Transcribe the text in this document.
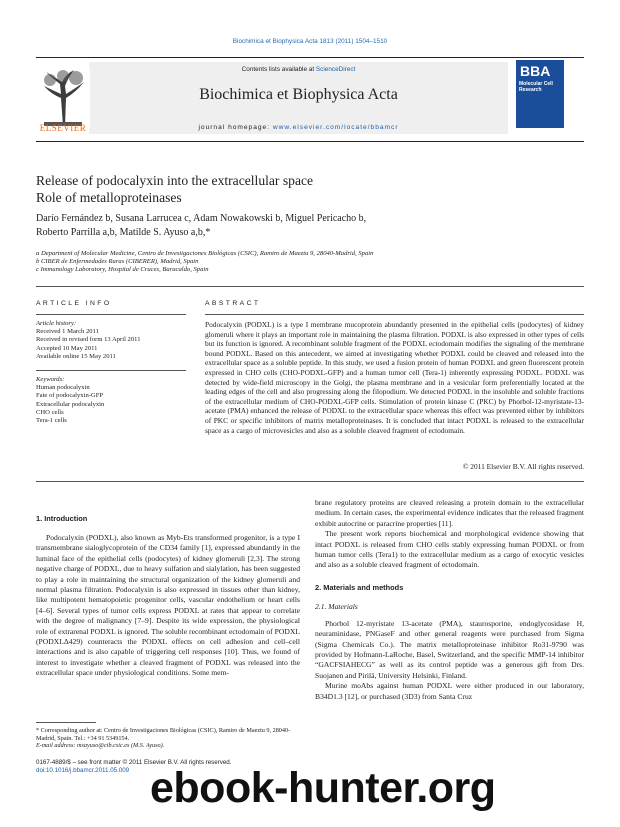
Biochimica et Biophysica Acta 1813 (2011) 1504–1510
Contents lists available at ScienceDirect
Biochimica et Biophysica Acta
journal homepage: www.elsevier.com/locate/bbamcr
ELSEVIER
BBA
Molecular Cell Research
Release of podocalyxin into the extracellular space
Role of metalloproteinases
Darío Fernández b, Susana Larrucea c, Adam Nowakowski b, Miguel Pericacho b,
Roberto Parrilla a,b, Matilde S. Ayuso a,b,*
a Department of Molecular Medicine, Centro de Investigaciones Biológicas (CSIC), Ramiro de Maeztu 9, 28040-Madrid, Spain
b CIBER de Enfermedades Raras (CIBERER), Madrid, Spain
c Immunology Laboratory, Hospital de Cruces, Baracaldo, Spain
ARTICLE INFO
Article history:
Received 1 March 2011
Received in revised form 13 April 2011
Accepted 10 May 2011
Available online 15 May 2011
Keywords:
Human podocalyxin
Fate of podocalyxin-GFP
Extracellular podocalyxin
CHO cells
Tera-1 cells
ABSTRACT
Podocalyxin (PODXL) is a type I membrane mucoprotein abundantly presented in the epithelial cells (podocytes) of kidney glomeruli where it plays an important role in maintaining the plasma filtration. PODXL is also expressed in other types of cells but its function is ignored. A recombinant soluble fragment of the PODXL ectodomain modifies the signaling of the membrane bound PODXL. Based on this antecedent, we aimed at investigating whether PODXL could be cleaved and released into the extracellular space as a soluble peptide. In this study, we used a fusion protein of human PODXL and green fluorescent protein expressed in CHO cells (CHO-PODXL-GFP) and a human tumor cell (Tera-1) inherently expressing PODXL. PODXL was detected by wide-field microscopy in the Golgi, the plasma membrane and in a vesicular form preferentially located at the leading edges of the cell and also progressing along the filopodium. We detected PODXL in the insoluble and soluble fractions of the extracellular medium of CHO-PODXL-GFP cells. Stimulation of protein kinase C (PKC) by Phorbol-12-myristate-13-acetate (PMA) enhanced the release of PODXL to the extracellular space whereas this effect was prevented either by inhibitors of PKC or specific inhibitors of matrix metalloproteinases. It is concluded that intact PODXL is released to the extracellular space as a cargo of microvesicles and also as a soluble cleaved fragment of ectodomain.
© 2011 Elsevier B.V. All rights reserved.
1. Introduction

Podocalyxin (PODXL), also known as Myb-Ets transformed progenitor, is a type I transmembrane sialoglycoprotein of the CD34 family [1], expressed abundantly in the luminal face of the epithelial cells (podocytes) of kidney glomeruli [2,3]. The strong negative charge of PODXL, due to heavy sulfation and sialylation, has been suggested to play a role in maintaining the structural organization of the kidney glomeruli and normal plasma filtration. Podocalyxin is also expressed in tissues other than kidney, like multipotent hematopoietic progenitor cells, vascular endothelium or heart cells [4–6]. Several types of tumor cells express PODXL at rates that appear to correlate with the degree of malignancy [7–9]. Despite its wide expression, the physiological role of extrarenal PODXL is ignored. The soluble recombinant ectodomain of PODXL (PODXLΔ429) counteracts the PODXL effects on cell adhesion and cell–cell interactions and is also capable of triggering cell responses [10]. Thus, we found of interest to investigate whether a cleaved fragment of PODXL was released into the extracellular space under physiological conditions. Some mem-

brane regulatory proteins are cleaved releasing a protein domain to the extracellular medium. In certain cases, the experimental evidence indicates that the released fragment exhibit autocrine or paracrine properties [11].

The present work reports biochemical and morphological evidence showing that intact PODXL is released from CHO cells stably expressing human PODXL or from human tumor cells (Tera1) to the extracellular medium as a cargo of exocytic vesicles and also as a soluble cleaved fragment of ectodomain.

2. Materials and methods
2.1. Materials

Phorbol 12-myristate 13-acetate (PMA), staurosporine, endoglycosidase H, neuraminidase, PNGaseF and other general reagents were purchased from Sigma (Sigma Chemicals Co.). The matrix metalloproteinase inhibitor Ro31-9790 was provided by Hofmann-LaRoche, Basel, Switzerland, and the specific MMP-14 inhibitor “GACFSIAHECG” as well as its control peptide was a generous gift from Drs. Suojanen and Pirilä, University Helsinki, Finland.

Murine moAbs against human PODXL were either produced in our laboratory, B34D1.3 [12], or purchased (3D3) from Santa Cruz

* Corresponding author at: Centro de Investigaciones Biológicas (CSIC), Ramiro de Maeztu 9, 28040-Madrid, Spain. Tel.: +34 91 5349154.
E-mail address: msayuso@cib.csic.es (M.S. Ayuso).
0167-4889/$ – see front matter © 2011 Elsevier B.V. All rights reserved.
doi:10.1016/j.bbamcr.2011.05.009 ebook-hunter.org
